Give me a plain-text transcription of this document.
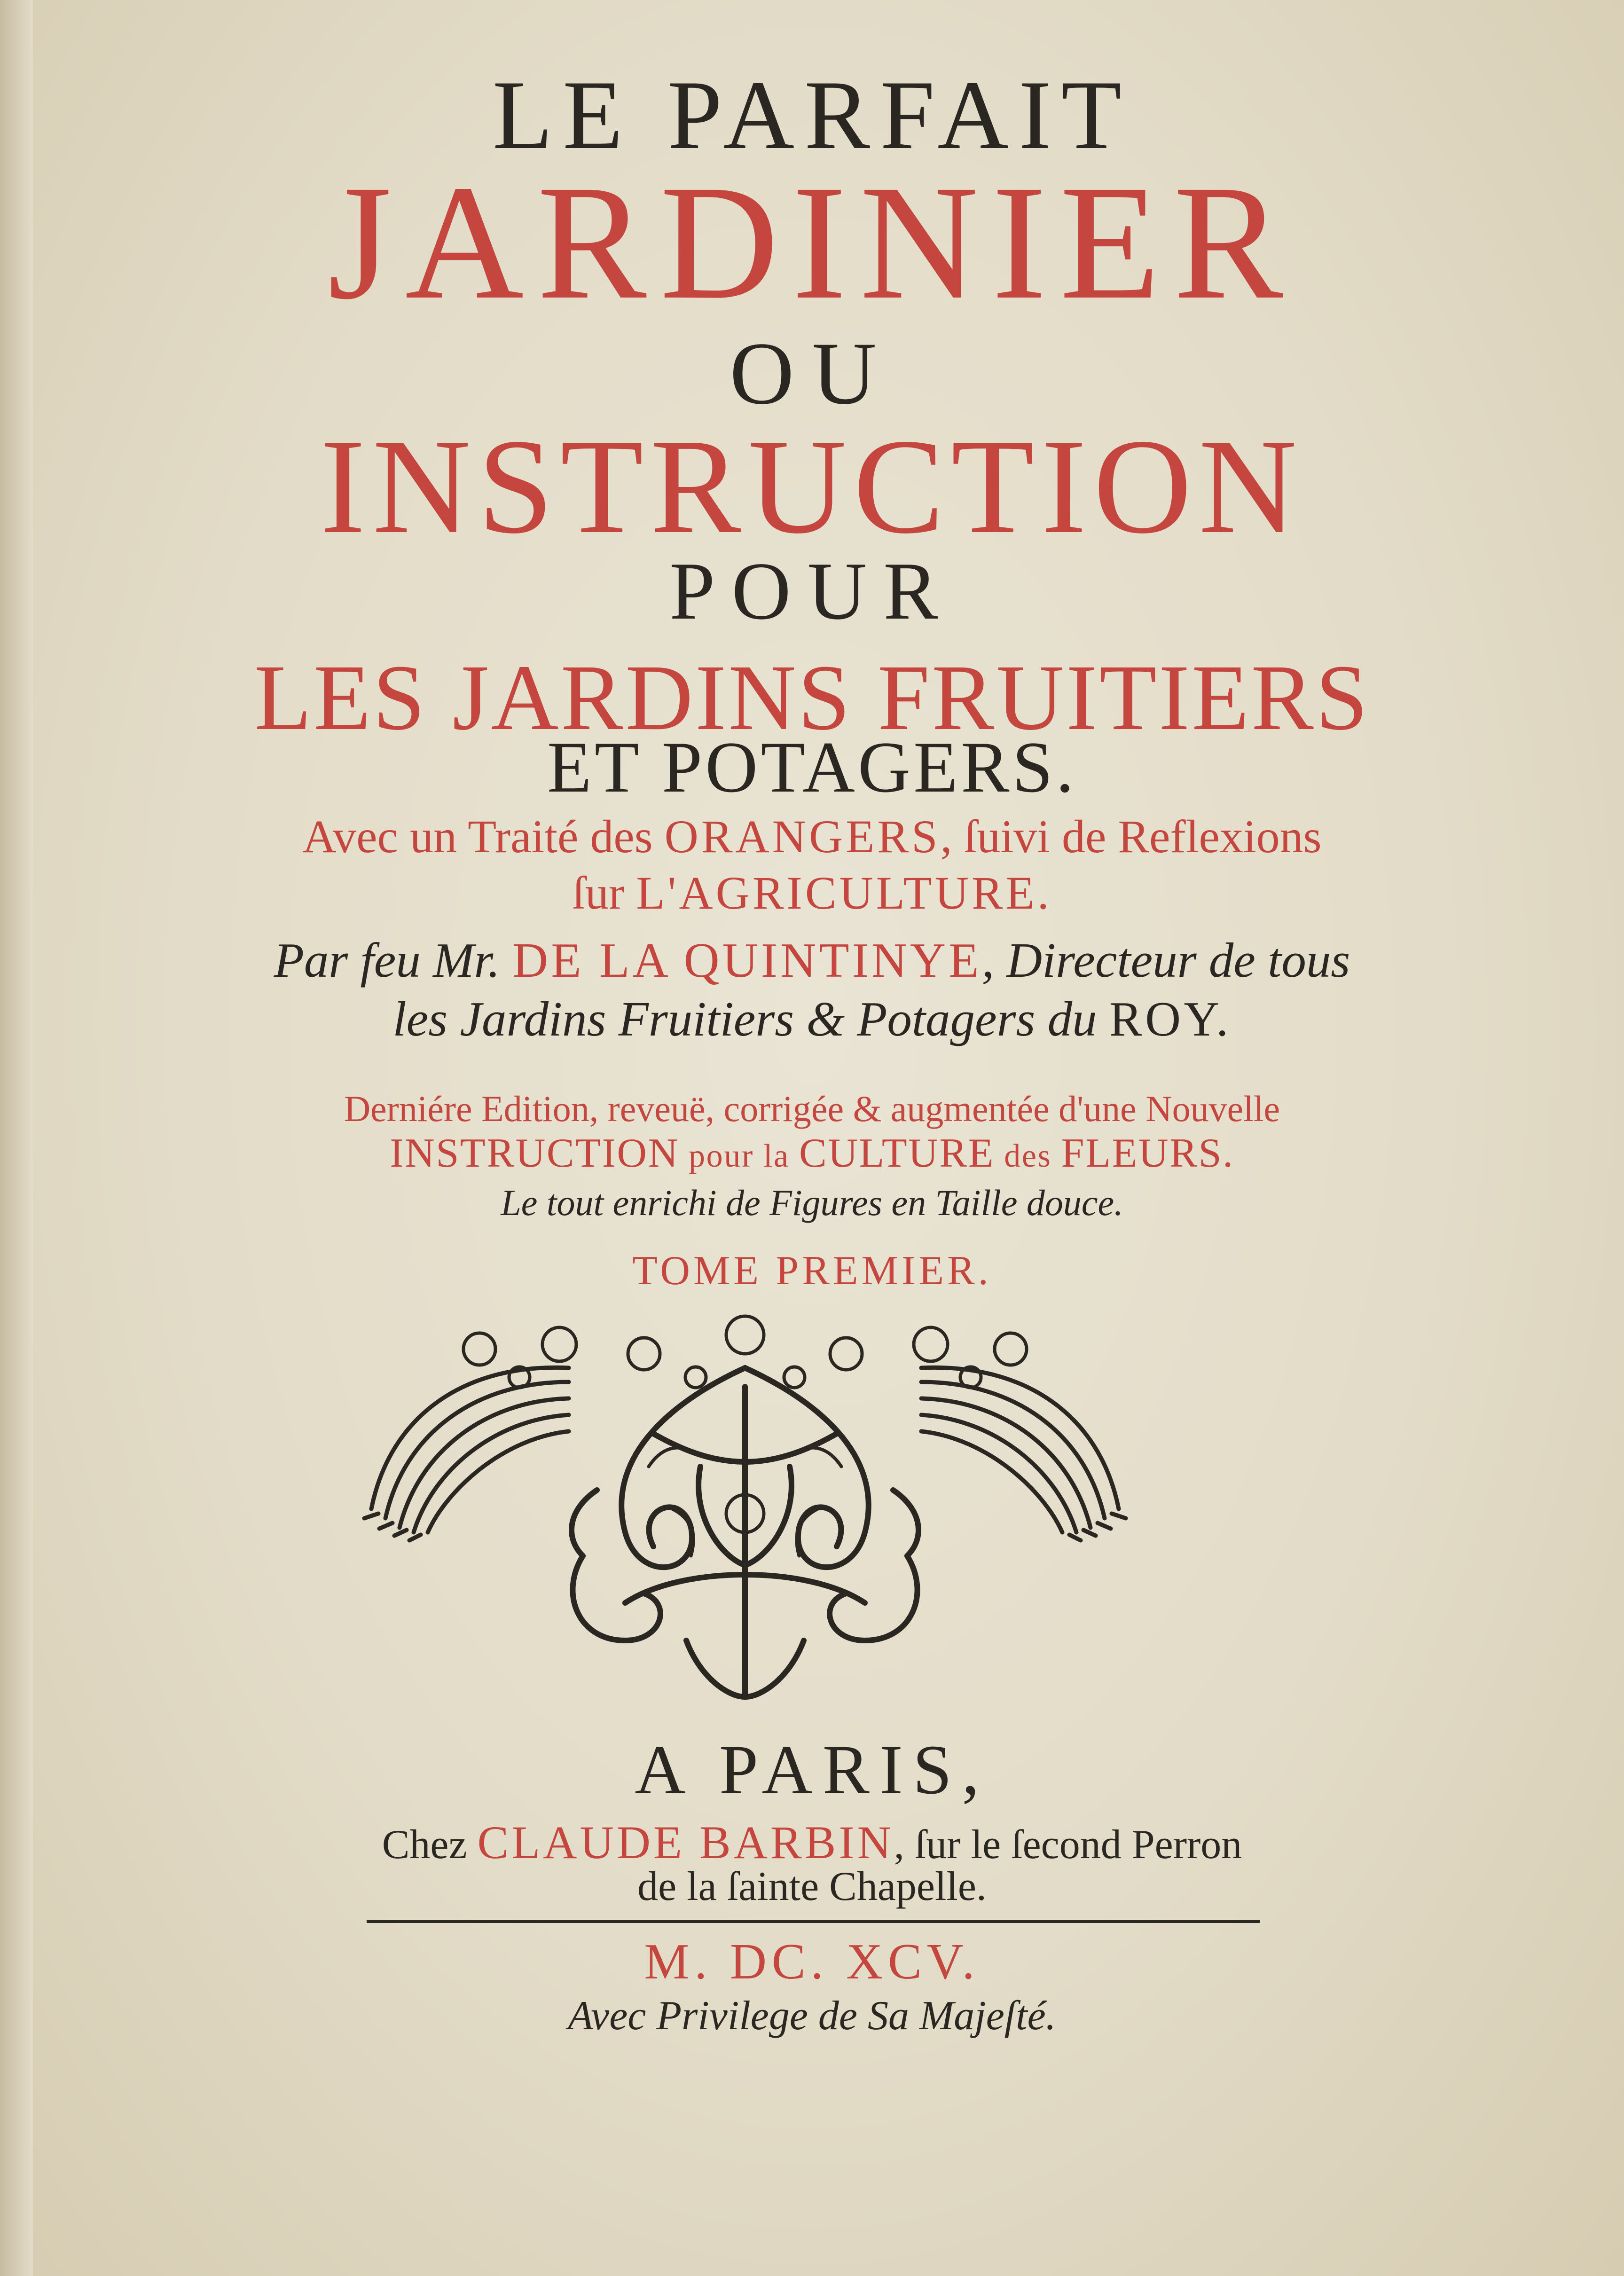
LE PARFAIT
JARDINIER
OU
INSTRUCTION
POUR
LES JARDINS FRUITIERS
ET POTAGERS.
Avec un Traité des ORANGERS, ſuivi de Reflexions
ſur L'AGRICULTURE.
Par feu Mr. DE LA QUINTINYE, Directeur de tous
les Jardins Fruitiers & Potagers du ROY.
Derniére Edition, reveuë, corrigée & augmentée d'une Nouvelle
INSTRUCTION pour la CULTURE des FLEURS.
Le tout enrichi de Figures en Taille douce.
TOME PREMIER.
A PARIS,
Chez CLAUDE BARBIN, ſur le ſecond Perron
de la ſainte Chapelle.
M. DC. XCV.
Avec Privilege de Sa Majeſté.
